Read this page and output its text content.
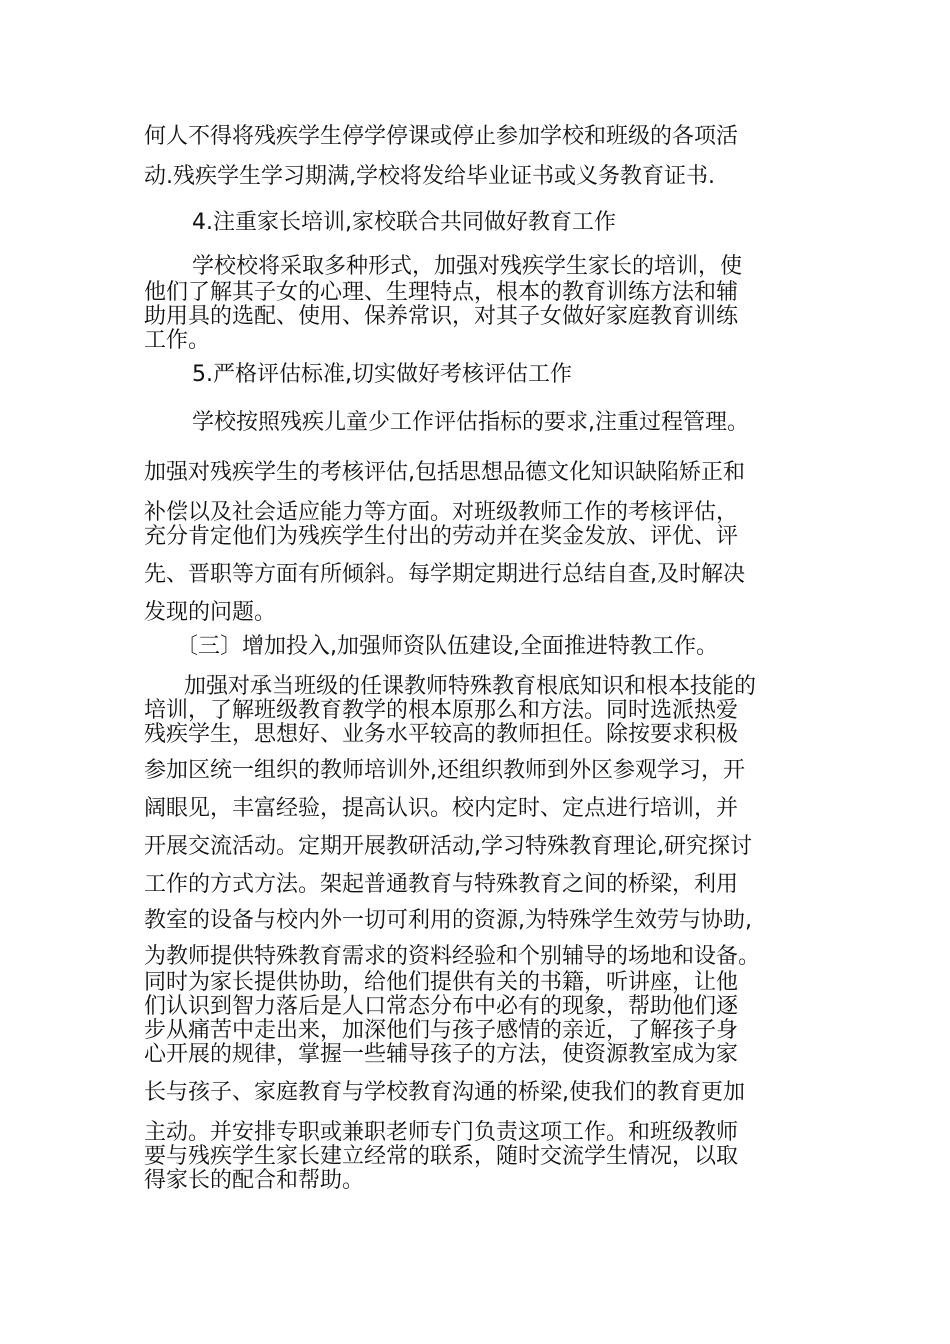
何人不得将残疾学生停学停课或停止参加学校和班级的各项活
动.残疾学生学习期满,学校将发给毕业证书或义务教育证书.
4.注重家长培训,家校联合共同做好教育工作
学校校将采取多种形式，加强对残疾学生家长的培训，使
他们了解其子女的心理、生理特点，根本的教育训练方法和辅
助用具的选配、使用、保养常识，对其子女做好家庭教育训练
工作。
5.严格评估标准,切实做好考核评估工作
学校按照残疾儿童少工作评估指标的要求,注重过程管理。
加强对残疾学生的考核评估,包括思想品德文化知识缺陷矫正和
补偿以及社会适应能力等方面。对班级教师工作的考核评估，
充分肯定他们为残疾学生付出的劳动并在奖金发放、评优、评
先、晋职等方面有所倾斜。每学期定期进行总结自查,及时解决
发现的问题。
〔三〕增加投入,加强师资队伍建设,全面推进特教工作。
加强对承当班级的任课教师特殊教育根底知识和根本技能的
培训，了解班级教育教学的根本原那么和方法。同时选派热爱
残疾学生，思想好、业务水平较高的教师担任。除按要求积极
参加区统一组织的教师培训外,还组织教师到外区参观学习，开
阔眼见，丰富经验，提高认识。校内定时、定点进行培训，并
开展交流活动。定期开展教研活动,学习特殊教育理论,研究探讨
工作的方式方法。架起普通教育与特殊教育之间的桥梁，利用
教室的设备与校内外一切可利用的资源,为特殊学生效劳与协助,
为教师提供特殊教育需求的资料经验和个别辅导的场地和设备。
同时为家长提供协助，给他们提供有关的书籍，听讲座，让他
们认识到智力落后是人口常态分布中必有的现象，帮助他们逐
步从痛苦中走出来，加深他们与孩子感情的亲近，了解孩子身
心开展的规律，掌握一些辅导孩子的方法，使资源教室成为家
长与孩子、家庭教育与学校教育沟通的桥梁,使我们的教育更加
主动。并安排专职或兼职老师专门负责这项工作。和班级教师
要与残疾学生家长建立经常的联系，随时交流学生情况，以取
得家长的配合和帮助。
